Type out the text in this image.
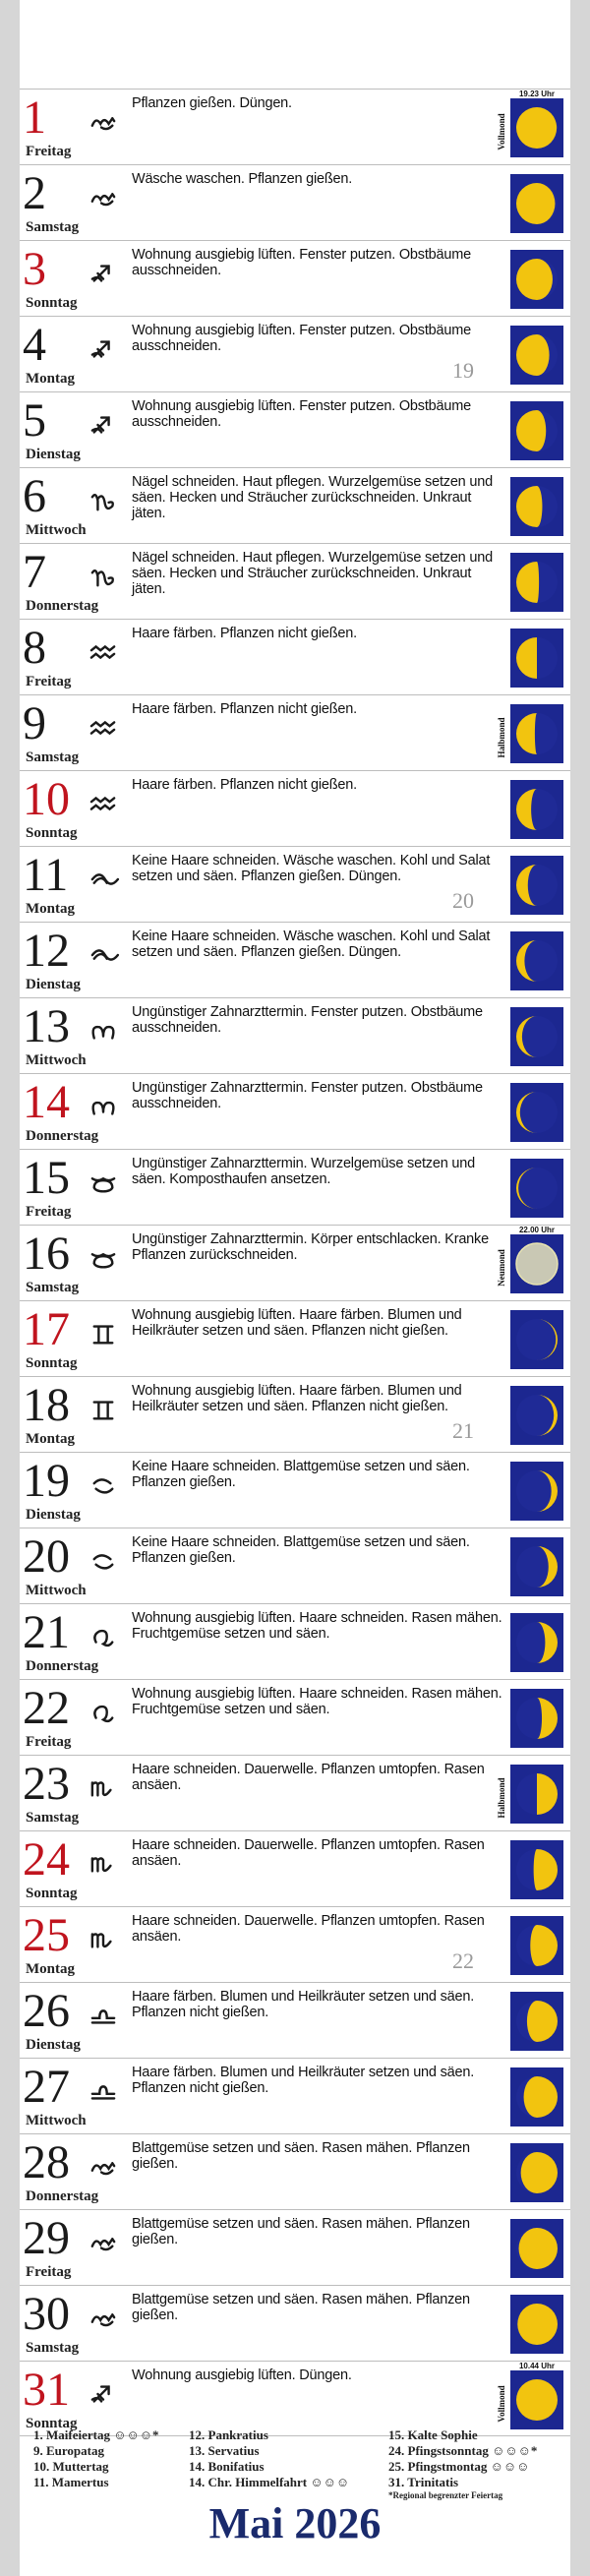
1
Freitag
Pflanzen gießen. Düngen.
19.23 Uhr
Vollmond
2
Samstag
Wäsche waschen. Pflanzen gießen.
3
Sonntag
Wohnung ausgiebig lüften. Fenster putzen. Obstbäume ausschneiden.
4
Montag
Wohnung ausgiebig lüften. Fenster putzen. Obstbäume ausschneiden.
19
5
Dienstag
Wohnung ausgiebig lüften. Fenster putzen. Obstbäume ausschneiden.
6
Mittwoch
Nägel schneiden. Haut pflegen. Wurzelgemüse setzen und säen. Hecken und Sträucher zurückschneiden. Unkraut jäten.
7
Donnerstag
Nägel schneiden. Haut pflegen. Wurzelgemüse setzen und säen. Hecken und Sträucher zurückschneiden. Unkraut jäten.
8
Freitag
Haare färben. Pflanzen nicht gießen.
9
Samstag
Haare färben. Pflanzen nicht gießen.
Halbmond
10
Sonntag
Haare färben. Pflanzen nicht gießen.
11
Montag
Keine Haare schneiden. Wäsche waschen. Kohl und Salat setzen und säen. Pflanzen gießen. Düngen.
20
12
Dienstag
Keine Haare schneiden. Wäsche waschen. Kohl und Salat setzen und säen. Pflanzen gießen. Düngen.
13
Mittwoch
Ungünstiger Zahnarzttermin. Fenster putzen. Obstbäume ausschneiden.
14
Donnerstag
Ungünstiger Zahnarzttermin. Fenster putzen. Obstbäume ausschneiden.
15
Freitag
Ungünstiger Zahnarzttermin. Wurzelgemüse setzen und säen. Komposthaufen ansetzen.
16
Samstag
Ungünstiger Zahnarzttermin. Körper entschlacken. Kranke Pflanzen zurückschneiden.
22.00 Uhr
Neumond
17
Sonntag
Wohnung ausgiebig lüften. Haare färben. Blumen und Heilkräuter setzen und säen. Pflanzen nicht gießen.
18
Montag
Wohnung ausgiebig lüften. Haare färben. Blumen und Heilkräuter setzen und säen. Pflanzen nicht gießen.
21
19
Dienstag
Keine Haare schneiden. Blattgemüse setzen und säen. Pflanzen gießen.
20
Mittwoch
Keine Haare schneiden. Blattgemüse setzen und säen. Pflanzen gießen.
21
Donnerstag
Wohnung ausgiebig lüften. Haare schneiden. Rasen mähen. Fruchtgemüse setzen und säen.
22
Freitag
Wohnung ausgiebig lüften. Haare schneiden. Rasen mähen. Fruchtgemüse setzen und säen.
23
Samstag
Haare schneiden. Dauerwelle. Pflanzen umtopfen. Rasen ansäen.	Halbmond
24
Sonntag
Haare schneiden. Dauerwelle. Pflanzen umtopfen. Rasen ansäen.
25
Montag
Haare schneiden. Dauerwelle. Pflanzen umtopfen. Rasen ansäen.
22
26
Dienstag
Haare färben. Blumen und Heilkräuter setzen und säen. Pflanzen nicht gießen.
27
Mittwoch
Haare färben. Blumen und Heilkräuter setzen und säen. Pflanzen nicht gießen.
28
Donnerstag
Blattgemüse setzen und säen. Rasen mähen. Pflanzen gießen.
29
Freitag
Blattgemüse setzen und säen. Rasen mähen. Pflanzen gießen.
30
Samstag
Blattgemüse setzen und säen. Rasen mähen. Pflanzen gießen.
31
Sonntag
Wohnung ausgiebig lüften. Düngen.
10.44 Uhr
Vollmond
1. Maifeiertag ☺☺☺*
9. Europatag
10. Muttertag
11. Mamertus
12. Pankratius
13. Servatius
14. Bonifatius
14. Chr. Himmelfahrt ☺☺☺
15. Kalte Sophie
24. Pfingstsonntag ☺☺☺*
25. Pfingstmontag ☺☺☺
31. Trinitatis
*Regional begrenzter Feiertag
Mai 2026
